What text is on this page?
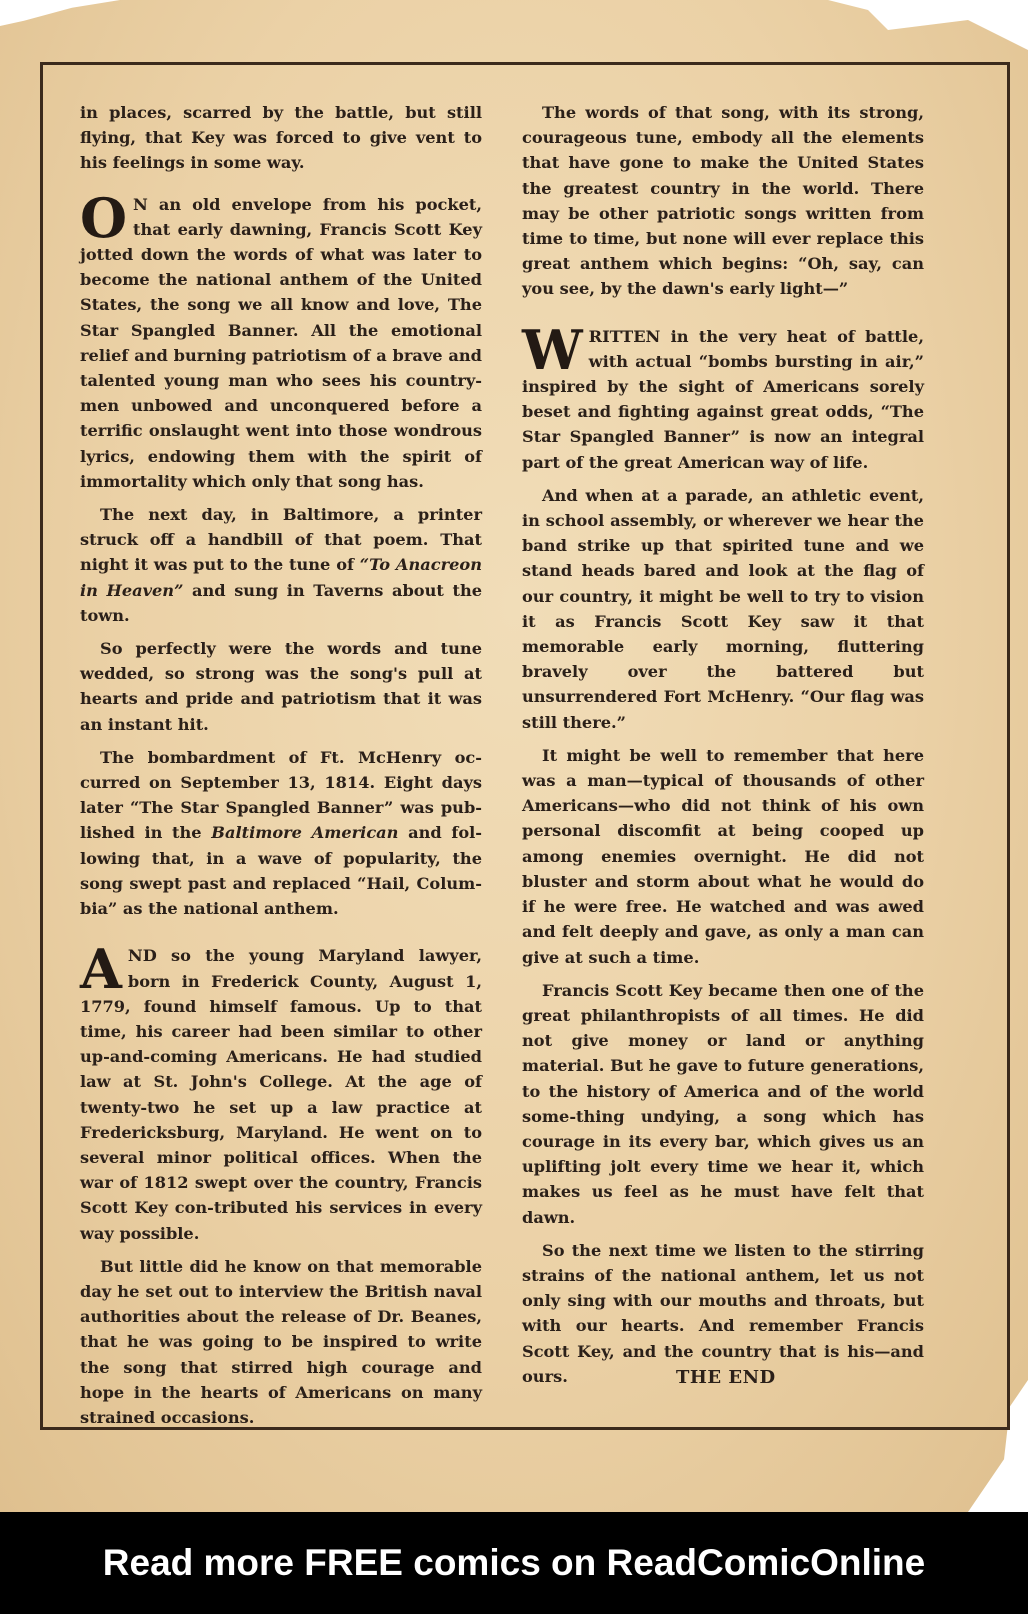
in places, scarred by the battle, but still flying, that Key was forced to give vent to his feelings in some way.

O N an old envelope from his pocket, that early dawning, Francis Scott Key jotted down the words of what was later to become the national anthem of the United States, the song we all know and love, The Star Spangled Banner. All the emotional relief and burning patriotism of a brave and talented young man who sees his country-men unbowed and unconquered before a terrific onslaught went into those wondrous lyrics, endowing them with the spirit of immortality which only that song has.

The next day, in Baltimore, a printer struck off a handbill of that poem. That night it was put to the tune of “To Anacreon in Heaven” and sung in Taverns about the town.

So perfectly were the words and tune wedded, so strong was the song's pull at hearts and pride and patriotism that it was an instant hit.

The bombardment of Ft. McHenry oc-curred on September 13, 1814. Eight days later “The Star Spangled Banner” was pub-lished in the Baltimore American and fol-lowing that, in a wave of popularity, the song swept past and replaced “Hail, Colum-bia” as the national anthem.

AND so the young Maryland lawyer, born in Frederick County, August 1, 1779, found himself famous. Up to that time, his career had been similar to other up-and-coming Americans. He had studied law at St. John's College. At the age of twenty-two he set up a law practice at Fredericksburg, Maryland. He went on to several minor political offices. When the war of 1812 swept over the country, Francis Scott Key con-tributed his services in every way possible.

But little did he know on that memorable day he set out to interview the British naval authorities about the release of Dr. Beanes, that he was going to be inspired to write the song that stirred high courage and hope in the hearts of Americans on many strained occasions.

The words of that song, with its strong, courageous tune, embody all the elements that have gone to make the United States the greatest country in the world. There may be other patriotic songs written from time to time, but none will ever replace this great anthem which begins: “Oh, say, can you see, by the dawn's early light—”

WRITTEN in the very heat of battle, with actual “bombs bursting in air,” inspired by the sight of Americans sorely beset and fighting against great odds, “The Star Spangled Banner” is now an integral part of the great American way of life.

And when at a parade, an athletic event, in school assembly, or wherever we hear the band strike up that spirited tune and we stand heads bared and look at the flag of our country, it might be well to try to vision it as Francis Scott Key saw it that memorable early morning, fluttering bravely over the battered but unsurrendered Fort McHenry. “Our flag was still there.”

It might be well to remember that here was a man—typical of thousands of other Americans—who did not think of his own personal discomfit at being cooped up among enemies overnight. He did not bluster and storm about what he would do if he were free. He watched and was awed and felt deeply and gave, as only a man can give at such a time.

Francis Scott Key became then one of the great philanthropists of all times. He did not give money or land or anything material. But he gave to future generations, to the history of America and of the world some-thing undying, a song which has courage in its every bar, which gives us an uplifting jolt every time we hear it, which makes us feel as he must have felt that dawn.

So the next time we listen to the stirring strains of the national anthem, let us not only sing with our mouths and throats, but with our hearts. And remember Francis Scott Key, and the country that is his—and ours.	THE END
Read more FREE comics on ReadComicOnline
